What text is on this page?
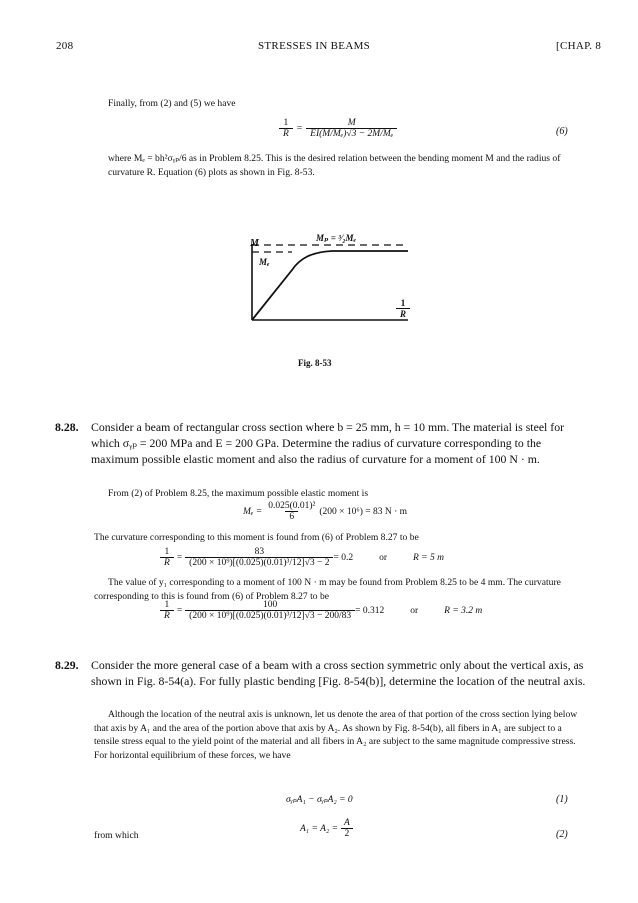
208	STRESSES IN BEAMS	[CHAP. 8
Finally, from (2) and (5) we have
$\frac{1}{R} = \frac{M}{\text{EI(M/Mₑ)√3 − 2M/Mₑ}}$	(6)
where Mₑ = bh²σᵧₚ/6 as in Problem 8.25. This is the desired relation between the bending moment M and the radius of curvature R. Equation (6) plots as shown in Fig. 8-53.
M	Mₚ = ³⁄₂Mₑ
Mₑ
$\frac{1}{R}$
Fig. 8-53
8.28. Consider a beam of rectangular cross section where b = 25 mm, h = 10 mm. The material is steel for which σᵧₚ = 200 MPa and E = 200 GPa. Determine the radius of curvature corresponding to the maximum possible elastic moment and also the radius of curvature for a moment of 100 N · m.
From (2) of Problem 8.25, the maximum possible elastic moment is
$M_e = \frac{\text{0.025(0.01)²}}{6} (200 \times 10^6) = 83$ N · m
The curvature corresponding to this moment is found from (6) of Problem 8.27 to be
$\frac{1}{R} = \frac{83}{\text{(200 × 10⁹)[(0.025)(0.01)³/12]√3 − 2}} = 0.2$	or	R = 5 m
The value of y₁ corresponding to a moment of 100 N · m may be found from Problem 8.25 to be 4 mm. The curvature corresponding to this is found from (6) of Problem 8.27 to be
$\frac{1}{R} = \frac{100}{\text{(200 × 10⁹)[(0.025)(0.01)³/12]√3 − 200/83}} = 0.312$	or	R = 3.2 m
8.29. Consider the more general case of a beam with a cross section symmetric only about the vertical axis, as shown in Fig. 8-54(a). For fully plastic bending [Fig. 8-54(b)], determine the location of the neutral axis.
Although the location of the neutral axis is unknown, let us denote the area of that portion of the cross section lying below that axis by A₁ and the area of the portion above that axis by A₂. As shown by Fig. 8-54(b), all fibers in A₁ are subject to a tensile stress equal to the yield point of the material and all fibers in A₂ are subject to the same magnitude compressive stress. For horizontal equilibrium of these forces, we have
σᵧₚA₁ − σᵧₚA₂ = 0	(1)
from which
$A_1 = A_2 = \frac{A}{2}$	(2)
